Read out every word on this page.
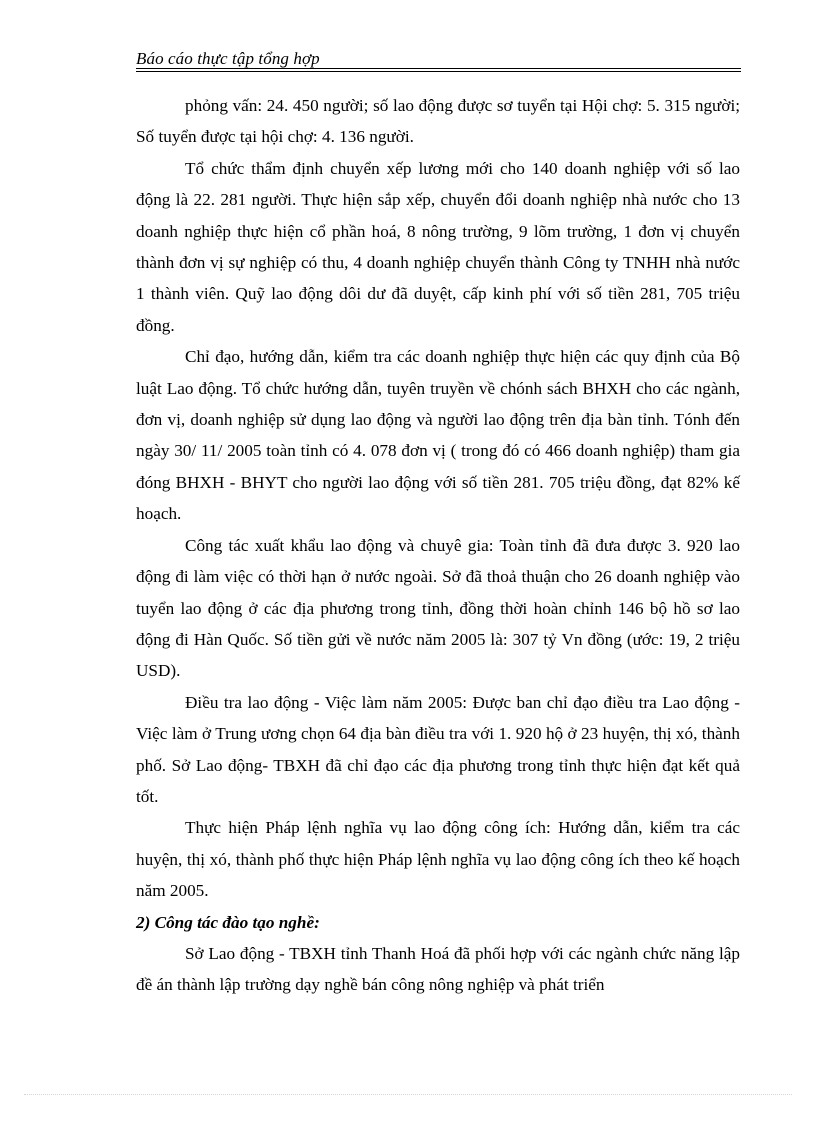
Báo cáo thực tập tổng hợp

phỏng vấn: 24. 450 người; số lao động được sơ tuyển tại Hội chợ: 5. 315 người; Số tuyển được tại hội chợ: 4. 136 người.

Tổ chức thẩm định chuyển xếp lương mới cho 140 doanh nghiệp với số lao động là 22. 281 người. Thực hiện sắp xếp, chuyển đổi doanh nghiệp nhà nước cho 13 doanh nghiệp thực hiện cổ phần hoá, 8 nông trường, 9 lõm trường, 1 đơn vị chuyển thành đơn vị sự nghiệp có thu, 4 doanh nghiệp chuyển thành Công ty TNHH nhà nước 1 thành viên. Quỹ lao động dôi dư đã duyệt, cấp kinh phí với số tiền 281, 705 triệu đồng.

Chỉ đạo, hướng dẫn, kiểm tra các doanh nghiệp thực hiện các quy định của Bộ luật Lao động. Tổ chức hướng dẫn, tuyên truyền về chónh sách BHXH cho các ngành, đơn vị, doanh nghiệp sử dụng lao động và người lao động trên địa bàn tỉnh. Tónh đến ngày 30/ 11/ 2005 toàn tỉnh có 4. 078 đơn vị ( trong đó có 466 doanh nghiệp) tham gia đóng BHXH - BHYT cho người lao động với số tiền 281. 705 triệu đồng, đạt 82% kế hoạch.

Công tác xuất khẩu lao động và chuyê gia: Toàn tỉnh đã đưa được 3. 920 lao động đi làm việc có thời hạn ở nước ngoài. Sở đã thoả thuận cho 26 doanh nghiệp vào tuyển lao động ở các địa phương trong tỉnh, đồng thời hoàn chỉnh 146 bộ hồ sơ lao động đi Hàn Quốc. Số tiền gửi về nước năm 2005 là: 307 tỷ Vn đồng (ước: 19, 2 triệu USD).

Điều tra lao động - Việc làm năm 2005: Được ban chỉ đạo điều tra Lao động - Việc làm ở Trung ương chọn 64 địa bàn điều tra với 1. 920 hộ ở 23 huyện, thị xó, thành phố. Sở Lao động- TBXH đã chỉ đạo các địa phương trong tỉnh thực hiện đạt kết quả tốt.

Thực hiện Pháp lệnh nghĩa vụ lao động công ích: Hướng dẫn, kiểm tra các huyện, thị xó, thành phố thực hiện Pháp lệnh nghĩa vụ lao động công ích theo kế hoạch năm 2005.

2) Công tác đào tạo nghề:

Sở Lao động - TBXH tỉnh Thanh Hoá đã phối hợp với các ngành chức năng lập đề án thành lập trường dạy nghề bán công nông nghiệp và phát triển
